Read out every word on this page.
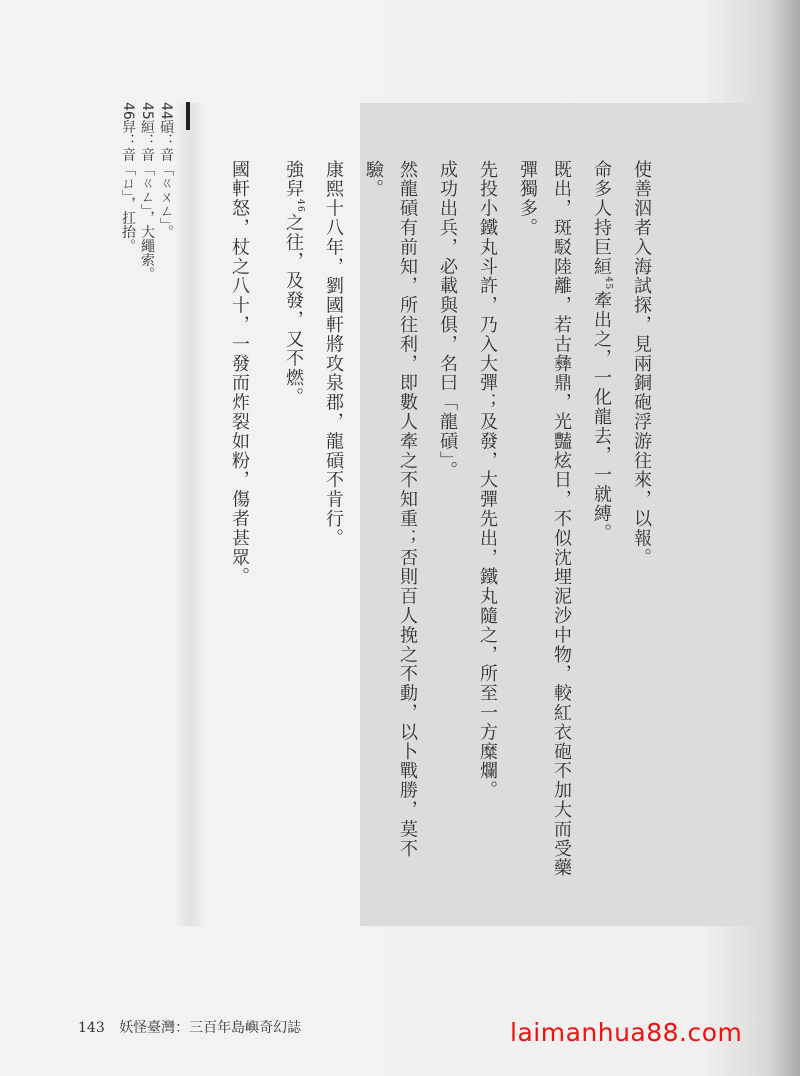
使善泅者入海試探，見兩銅砲浮游往來，以報。

命多人持巨絙$^{45}$牽出之，一化龍去，一就縛。

既出，斑駁陸離，若古彝鼎，光豔炫日，不似沈埋泥沙中物，較紅衣砲不加大而受藥彈獨多。

先投小鐵丸斗許，乃入大彈；及發，大彈先出，鐵丸隨之，所至一方糜爛。

成功出兵，必載與俱，名曰「龍碽」。

然龍碽有前知，所往利，即數人牽之不知重；否則百人挽之不動，以卜戰勝，莫不驗。

康熙十八年，劉國軒將攻泉郡，龍碽不肯行。

強舁$^{46}$之往，及發，又不燃。

國軒怒，杖之八十，一發而炸裂如粉，傷者甚眾。

44碽：音「ㄍㄨㄥ」。

45絙：音「ㄍㄥ」，大繩索。

46舁：音「ㄩ」，扛抬。

143 妖怪臺灣：三百年島嶼奇幻誌	laimanhua88.com
